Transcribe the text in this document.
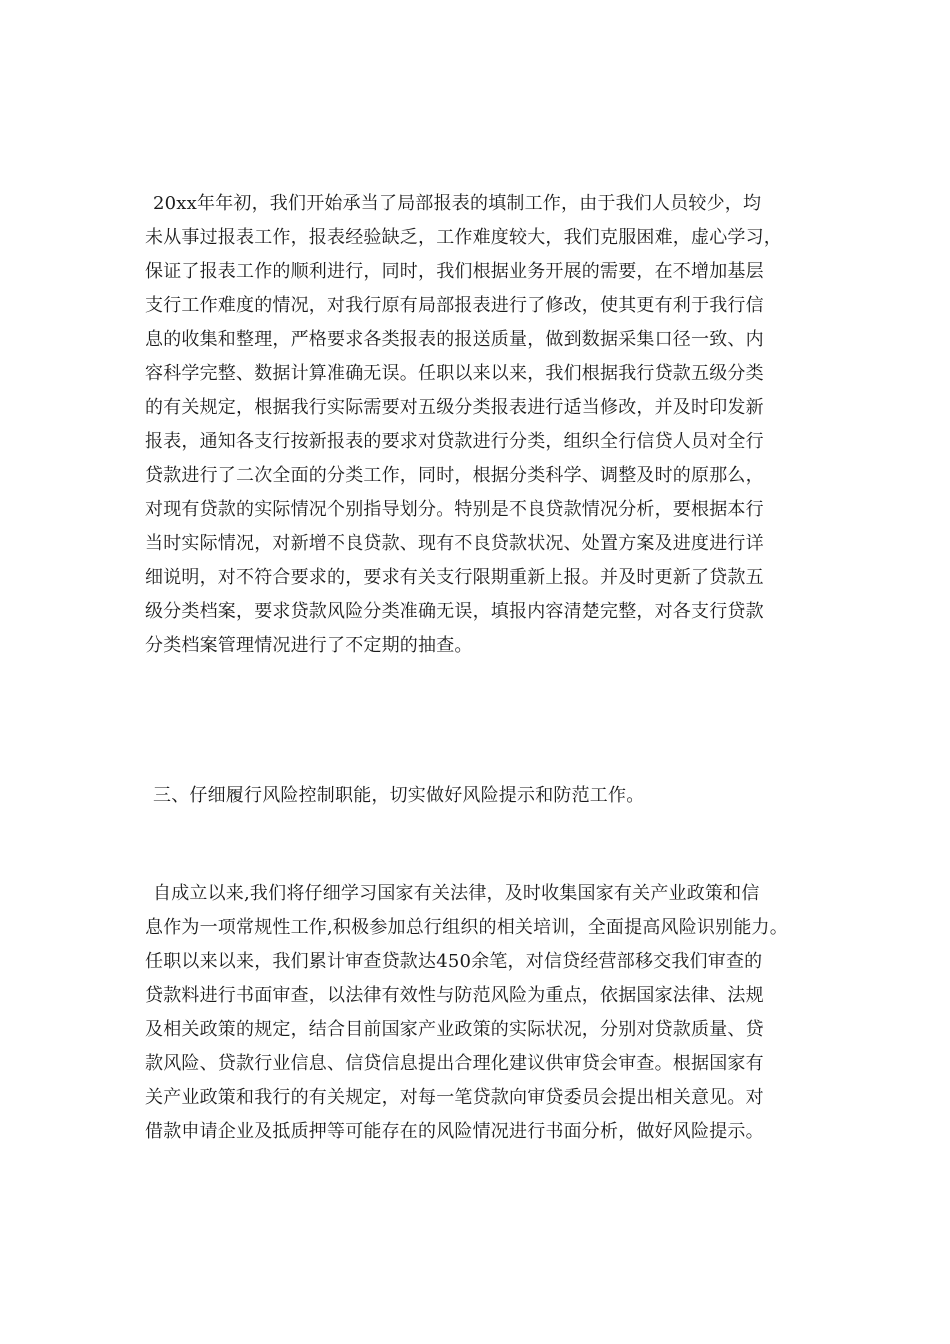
20xx年年初，我们开始承当了局部报表的填制工作，由于我们人员较少，均
未从事过报表工作，报表经验缺乏，工作难度较大，我们克服困难，虚心学习，
保证了报表工作的顺利进行，同时，我们根据业务开展的需要，在不增加基层
支行工作难度的情况，对我行原有局部报表进行了修改，使其更有利于我行信
息的收集和整理，严格要求各类报表的报送质量，做到数据采集口径一致、内
容科学完整、数据计算准确无误。任职以来以来，我们根据我行贷款五级分类
的有关规定，根据我行实际需要对五级分类报表进行适当修改，并及时印发新
报表，通知各支行按新报表的要求对贷款进行分类，组织全行信贷人员对全行
贷款进行了二次全面的分类工作，同时，根据分类科学、调整及时的原那么，
对现有贷款的实际情况个别指导划分。特别是不良贷款情况分析，要根据本行
当时实际情况，对新增不良贷款、现有不良贷款状况、处置方案及进度进行详
细说明，对不符合要求的，要求有关支行限期重新上报。并及时更新了贷款五
级分类档案，要求贷款风险分类准确无误，填报内容清楚完整，对各支行贷款
分类档案管理情况进行了不定期的抽查。
三、仔细履行风险控制职能，切实做好风险提示和防范工作。
自成立以来,我们将仔细学习国家有关法律，及时收集国家有关产业政策和信
息作为一项常规性工作,积极参加总行组织的相关培训，全面提高风险识别能力。
任职以来以来，我们累计审查贷款达450余笔，对信贷经营部移交我们审查的
贷款料进行书面审查，以法律有效性与防范风险为重点，依据国家法律、法规
及相关政策的规定，结合目前国家产业政策的实际状况，分别对贷款质量、贷
款风险、贷款行业信息、信贷信息提出合理化建议供审贷会审查。根据国家有
关产业政策和我行的有关规定，对每一笔贷款向审贷委员会提出相关意见。对
借款申请企业及抵质押等可能存在的风险情况进行书面分析，做好风险提示。
